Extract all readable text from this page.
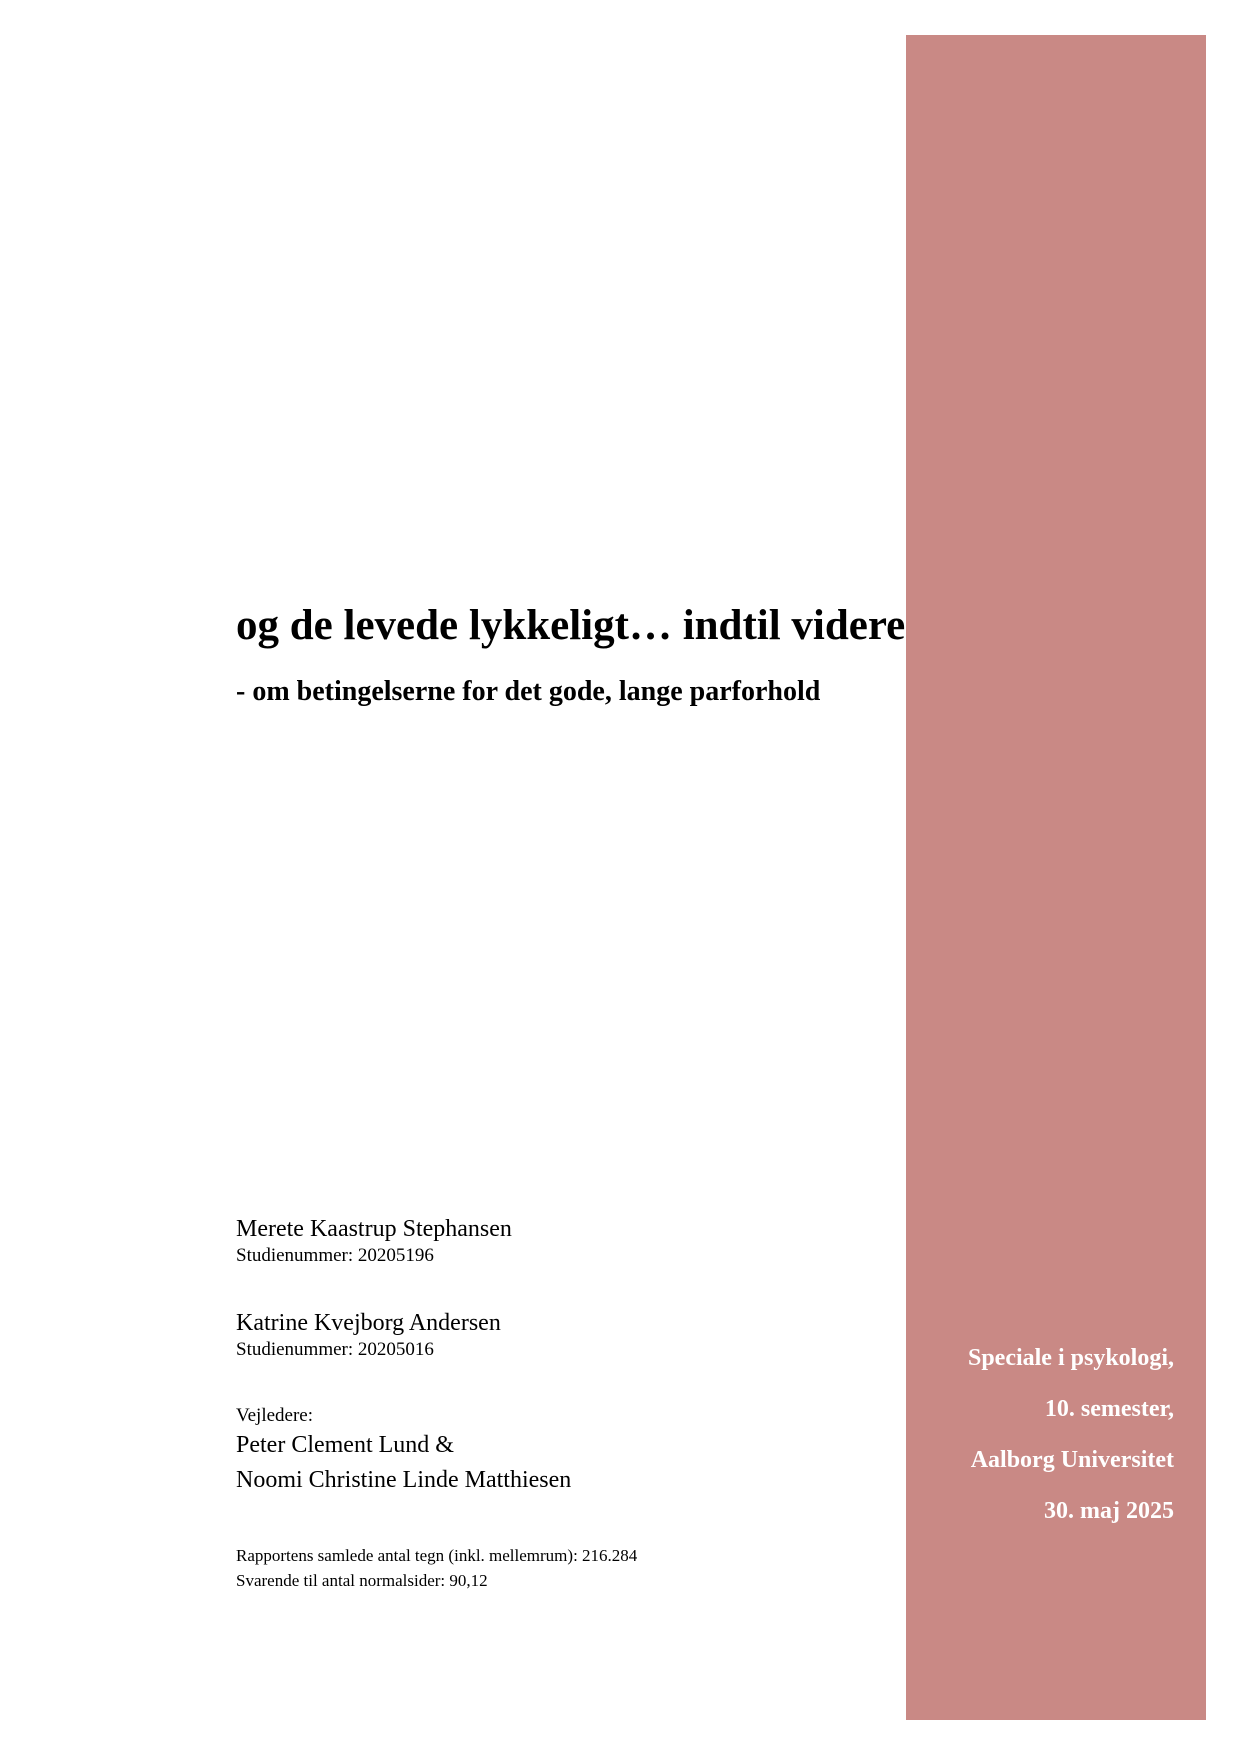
Speciale i psykologi,
10. semester,
Aalborg Universitet
30. maj 2025
og de levede lykkeligt… indtil videre
- om betingelserne for det gode, lange parforhold
Merete Kaastrup Stephansen
Studienummer: 20205196
Katrine Kvejborg Andersen
Studienummer: 20205016
Vejledere:
Peter Clement Lund &
Noomi Christine Linde Matthiesen
Rapportens samlede antal tegn (inkl. mellemrum): 216.284
Svarende til antal normalsider: 90,12
